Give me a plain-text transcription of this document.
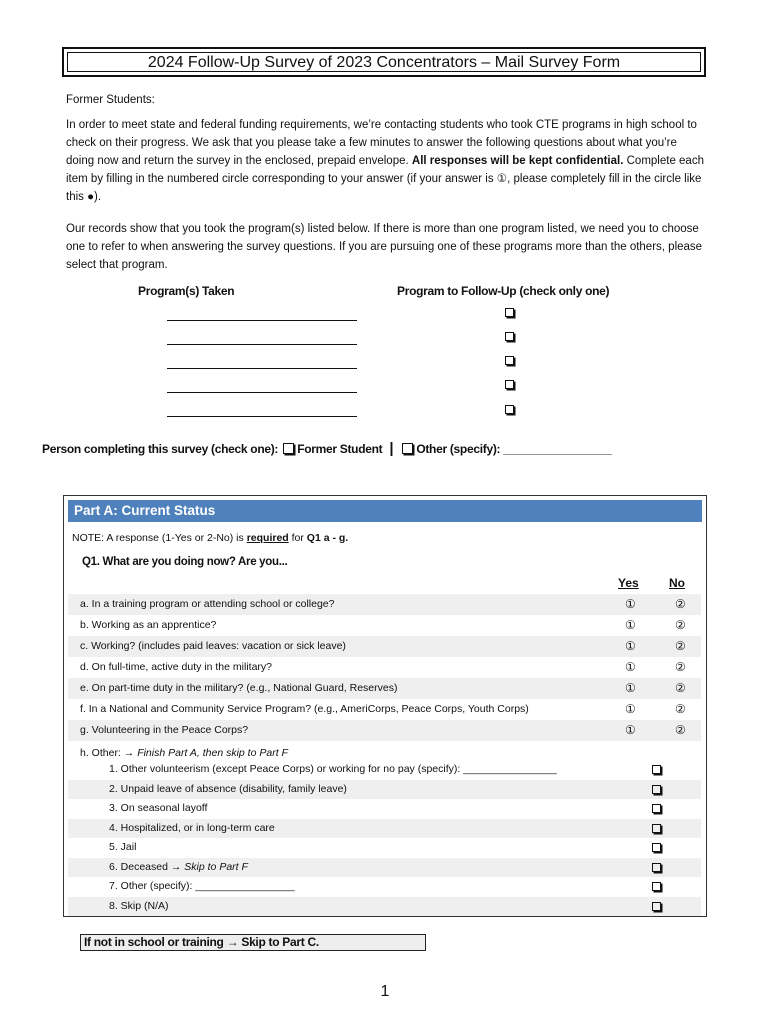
2024 Follow-Up Survey of 2023 Concentrators – Mail Survey Form
Former Students:
In order to meet state and federal funding requirements, we’re contacting students who took CTE programs in high school to check on their progress. We ask that you please take a few minutes to answer the following questions about what you’re doing now and return the survey in the enclosed, prepaid envelope. All responses will be kept confidential. Complete each item by filling in the numbered circle corresponding to your answer (if your answer is ①, please completely fill in the circle like this ●).
Our records show that you took the program(s) listed below. If there is more than one program listed, we need you to choose one to refer to when answering the survey questions. If you are pursuing one of these programs more than the others, please select that program.
Program(s) Taken	Program to Follow-Up (check only one)
Person completing this survey (check one): Former Student | Other (specify): _________________
Part A: Current Status
NOTE: A response (1-Yes or 2-No) is required for Q1 a - g.
Q1. What are you doing now? Are you...
Yes	No
a. In a training program or attending school or college?	①	②
b. Working as an apprentice?	①	②
c. Working? (includes paid leaves: vacation or sick leave)	①	②
d. On full-time, active duty in the military?	①	②
e. On part-time duty in the military? (e.g., National Guard, Reserves)	①	②
f. In a National and Community Service Program? (e.g., AmeriCorps, Peace Corps, Youth Corps)	①	②
g. Volunteering in the Peace Corps?	①	②
h. Other: → Finish Part A, then skip to Part F
1. Other volunteerism (except Peace Corps) or working for no pay (specify): ________________
2. Unpaid leave of absence (disability, family leave)
3. On seasonal layoff
4. Hospitalized, or in long-term care
5. Jail
6. Deceased → Skip to Part F
7. Other (specify): _________________
8. Skip (N/A)
If not in school or training → Skip to Part C.
1
